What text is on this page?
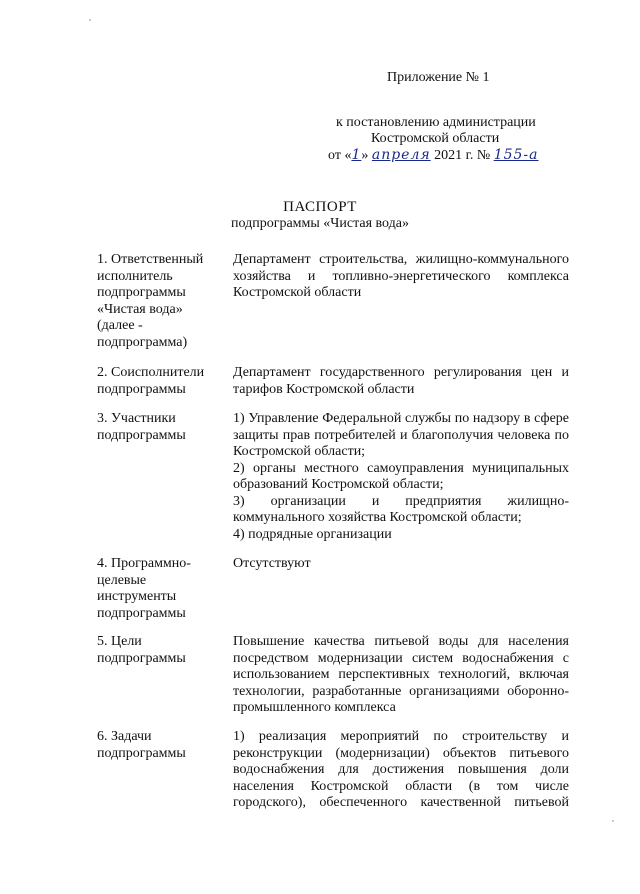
Приложение № 1
к постановлению администрации
Костромской области
от «1» апреля 2021 г. № 155-а
ПАСПОРТ
подпрограммы «Чистая вода»
1. Ответственный исполнитель подпрограммы «Чистая вода» (далее - подпрограмма)
Департамент строительства, жилищно-коммунального хозяйства и топливно-энергетического комплекса Костромской области
2. Соисполнители подпрограммы
Департамент государственного регулирования цен и тарифов Костромской области
3. Участники подпрограммы
1) Управление Федеральной службы по надзору в сфере защиты прав потребителей и благополучия человека по Костромской области;
2) органы местного самоуправления муниципальных образований Костромской области;
3) организации и предприятия жилищно-коммунального хозяйства Костромской области;
4) подрядные организации
4. Программно-целевые инструменты подпрограммы
Отсутствуют
5. Цели подпрограммы
Повышение качества питьевой воды для населения посредством модернизации систем водоснабжения с использованием перспективных технологий, включая технологии, разработанные организациями оборонно-промышленного комплекса
6. Задачи подпрограммы
1) реализация мероприятий по строительству и реконструкции (модернизации) объектов питьевого водоснабжения для достижения повышения доли населения Костромской области (в том числе городского), обеспеченного качественной питьевой
